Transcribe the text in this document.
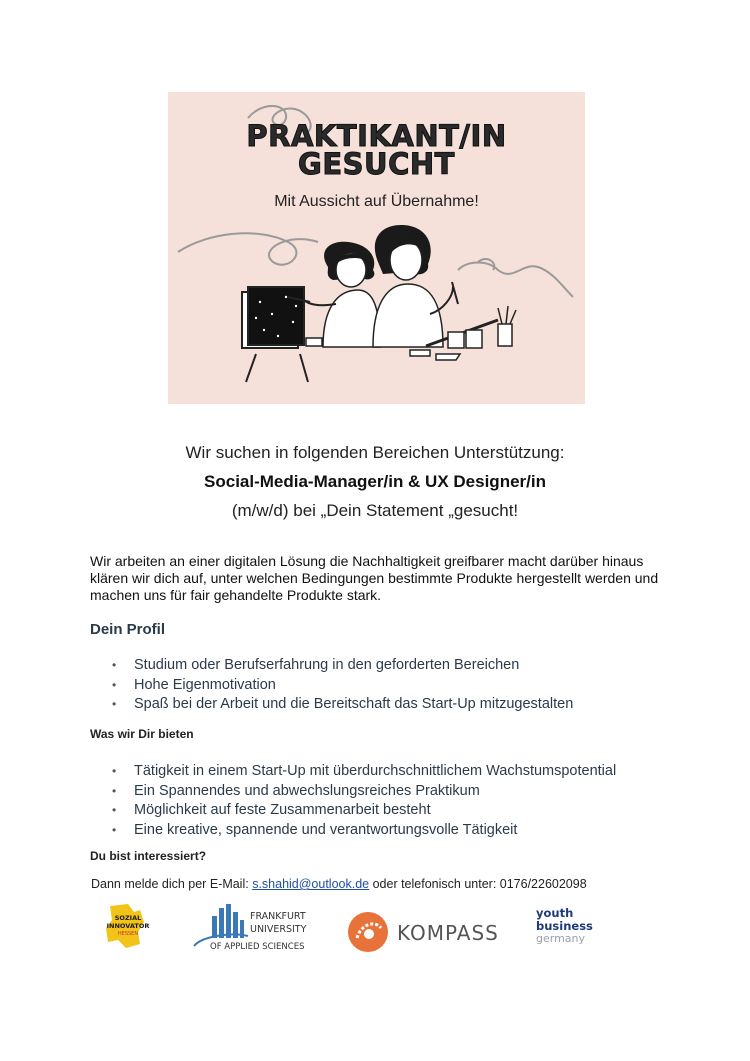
PRAKTIKANT/IN
GESUCHT
Mit Aussicht auf Übernahme!
Wir suchen in folgenden Bereichen Unterstützung:
Social-Media-Manager/in & UX Designer/in
(m/w/d) bei „Dein Statement „gesucht!
Wir arbeiten an einer digitalen Lösung die Nachhaltigkeit greifbarer macht darüber hinaus klären wir dich auf, unter welchen Bedingungen bestimmte Produkte hergestellt werden und machen uns für fair gehandelte Produkte stark.
Dein Profil
• Studium oder Berufserfahrung in den geforderten Bereichen
• Hohe Eigenmotivation
• Spaß bei der Arbeit und die Bereitschaft das Start-Up mitzugestalten
Was wir Dir bieten
• Tätigkeit in einem Start-Up mit überdurchschnittlichem Wachstumspotential
• Ein Spannendes und abwechslungsreiches Praktikum
• Möglichkeit auf feste Zusammenarbeit besteht
• Eine kreative, spannende und verantwortungsvolle Tätigkeit
Du bist interessiert?
Dann melde dich per E-Mail: s.shahid@outlook.de oder telefonisch unter: 0176/22602098
SOZIAL
INNOVATOR
HESSEN
FRANKFURT
UNIVERSITY
OF APPLIED SCIENCES
KOMPASS
youth
business
germany
